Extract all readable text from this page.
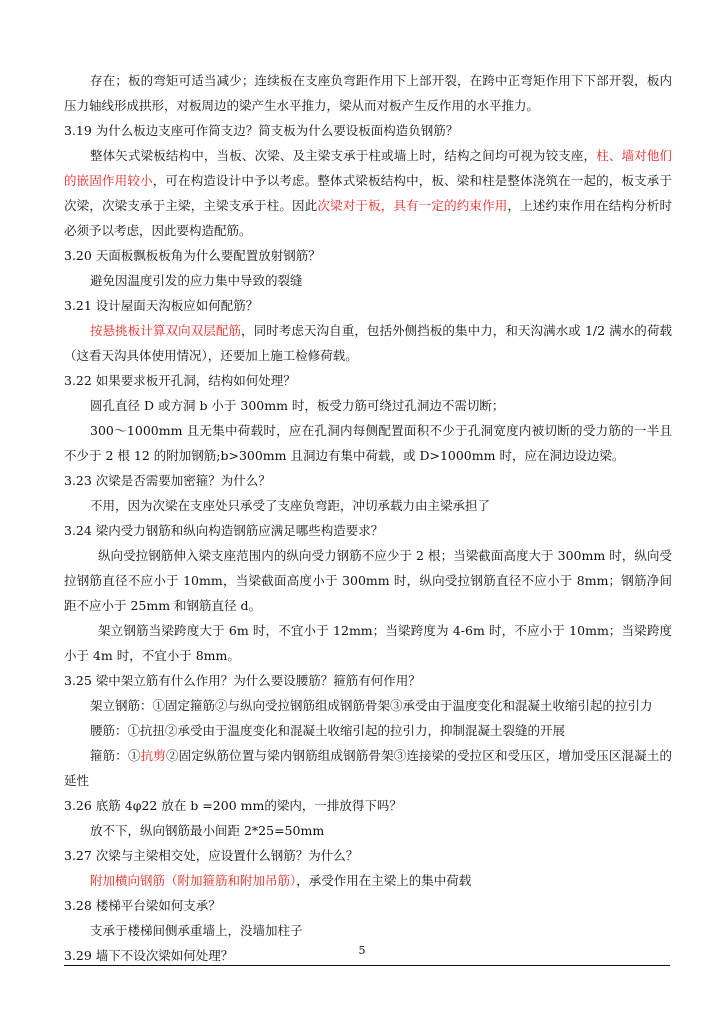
存在；板的弯矩可适当减少；连续板在支座负弯距作用下上部开裂，在跨中正弯矩作用下下部开裂，板内压力轴线形成拱形，对板周边的梁产生水平推力，梁从而对板产生反作用的水平推力。

3.19 为什么板边支座可作简支边？简支板为什么要设板面构造负钢筋？

整体矢式梁板结构中，当板、次梁、及主梁支承于柱或墙上时，结构之间均可视为铰支座，柱、墙对他们的嵌固作用较小，可在构造设计中予以考虑。整体式梁板结构中，板、梁和柱是整体浇筑在一起的，板支承于次梁，次梁支承于主梁，主梁支承于柱。因此次梁对于板，具有一定的约束作用，上述约束作用在结构分析时必须予以考虑，因此要构造配筋。

3.20 天面板飘板板角为什么要配置放射钢筋？

避免因温度引发的应力集中导致的裂缝

3.21 设计屋面天沟板应如何配筋？

按悬挑板计算双向双层配筋，同时考虑天沟自重，包括外侧挡板的集中力，和天沟满水或 1/2 满水的荷载（这看天沟具体使用情况），还要加上施工检修荷载。

3.22 如果要求板开孔洞，结构如何处理？

圆孔直径 D 或方洞 b 小于 300mm 时，板受力筋可绕过孔洞边不需切断；

300～1000mm 且无集中荷载时，应在孔洞内每侧配置面积不少于孔洞宽度内被切断的受力筋的一半且不少于 2 根 12 的附加钢筋;b>300mm 且洞边有集中荷载，或 D>1000mm 时，应在洞边设边梁。

3.23 次梁是否需要加密箍？为什么？

不用，因为次梁在支座处只承受了支座负弯距，冲切承载力由主梁承担了

3.24 梁内受力钢筋和纵向构造钢筋应满足哪些构造要求？

纵向受拉钢筋伸入梁支座范围内的纵向受力钢筋不应少于 2 根；当梁截面高度大于 300mm 时，纵向受拉钢筋直径不应小于 10mm，当梁截面高度小于 300mm 时，纵向受拉钢筋直径不应小于 8mm；钢筋净间距不应小于 25mm 和钢筋直径 d。

架立钢筋当梁跨度大于 6m 时，不宜小于 12mm；当梁跨度为 4-6m 时，不应小于 10mm；当梁跨度小于 4m 时，不宜小于 8mm。

3.25 梁中架立筋有什么作用？为什么要设腰筋？箍筋有何作用？

架立钢筋：①固定箍筋②与纵向受拉钢筋组成钢筋骨架③承受由于温度变化和混凝土收缩引起的拉引力

腰筋：①抗扭②承受由于温度变化和混凝土收缩引起的拉引力，抑制混凝土裂缝的开展

箍筋：①抗剪②固定纵筋位置与梁内钢筋组成钢筋骨架③连接梁的受拉区和受压区，增加受压区混凝土的延性

3.26 底筋 4φ22 放在 b =200 mm的梁内，一排放得下吗？

放不下，纵向钢筋最小间距 2*25=50mm

3.27 次梁与主梁相交处，应设置什么钢筋？为什么？

附加横向钢筋（附加箍筋和附加吊筋），承受作用在主梁上的集中荷载

3.28 楼梯平台梁如何支承？

支承于楼梯间侧承重墙上，没墙加柱子

3.29 墙下不设次梁如何处理？	5
